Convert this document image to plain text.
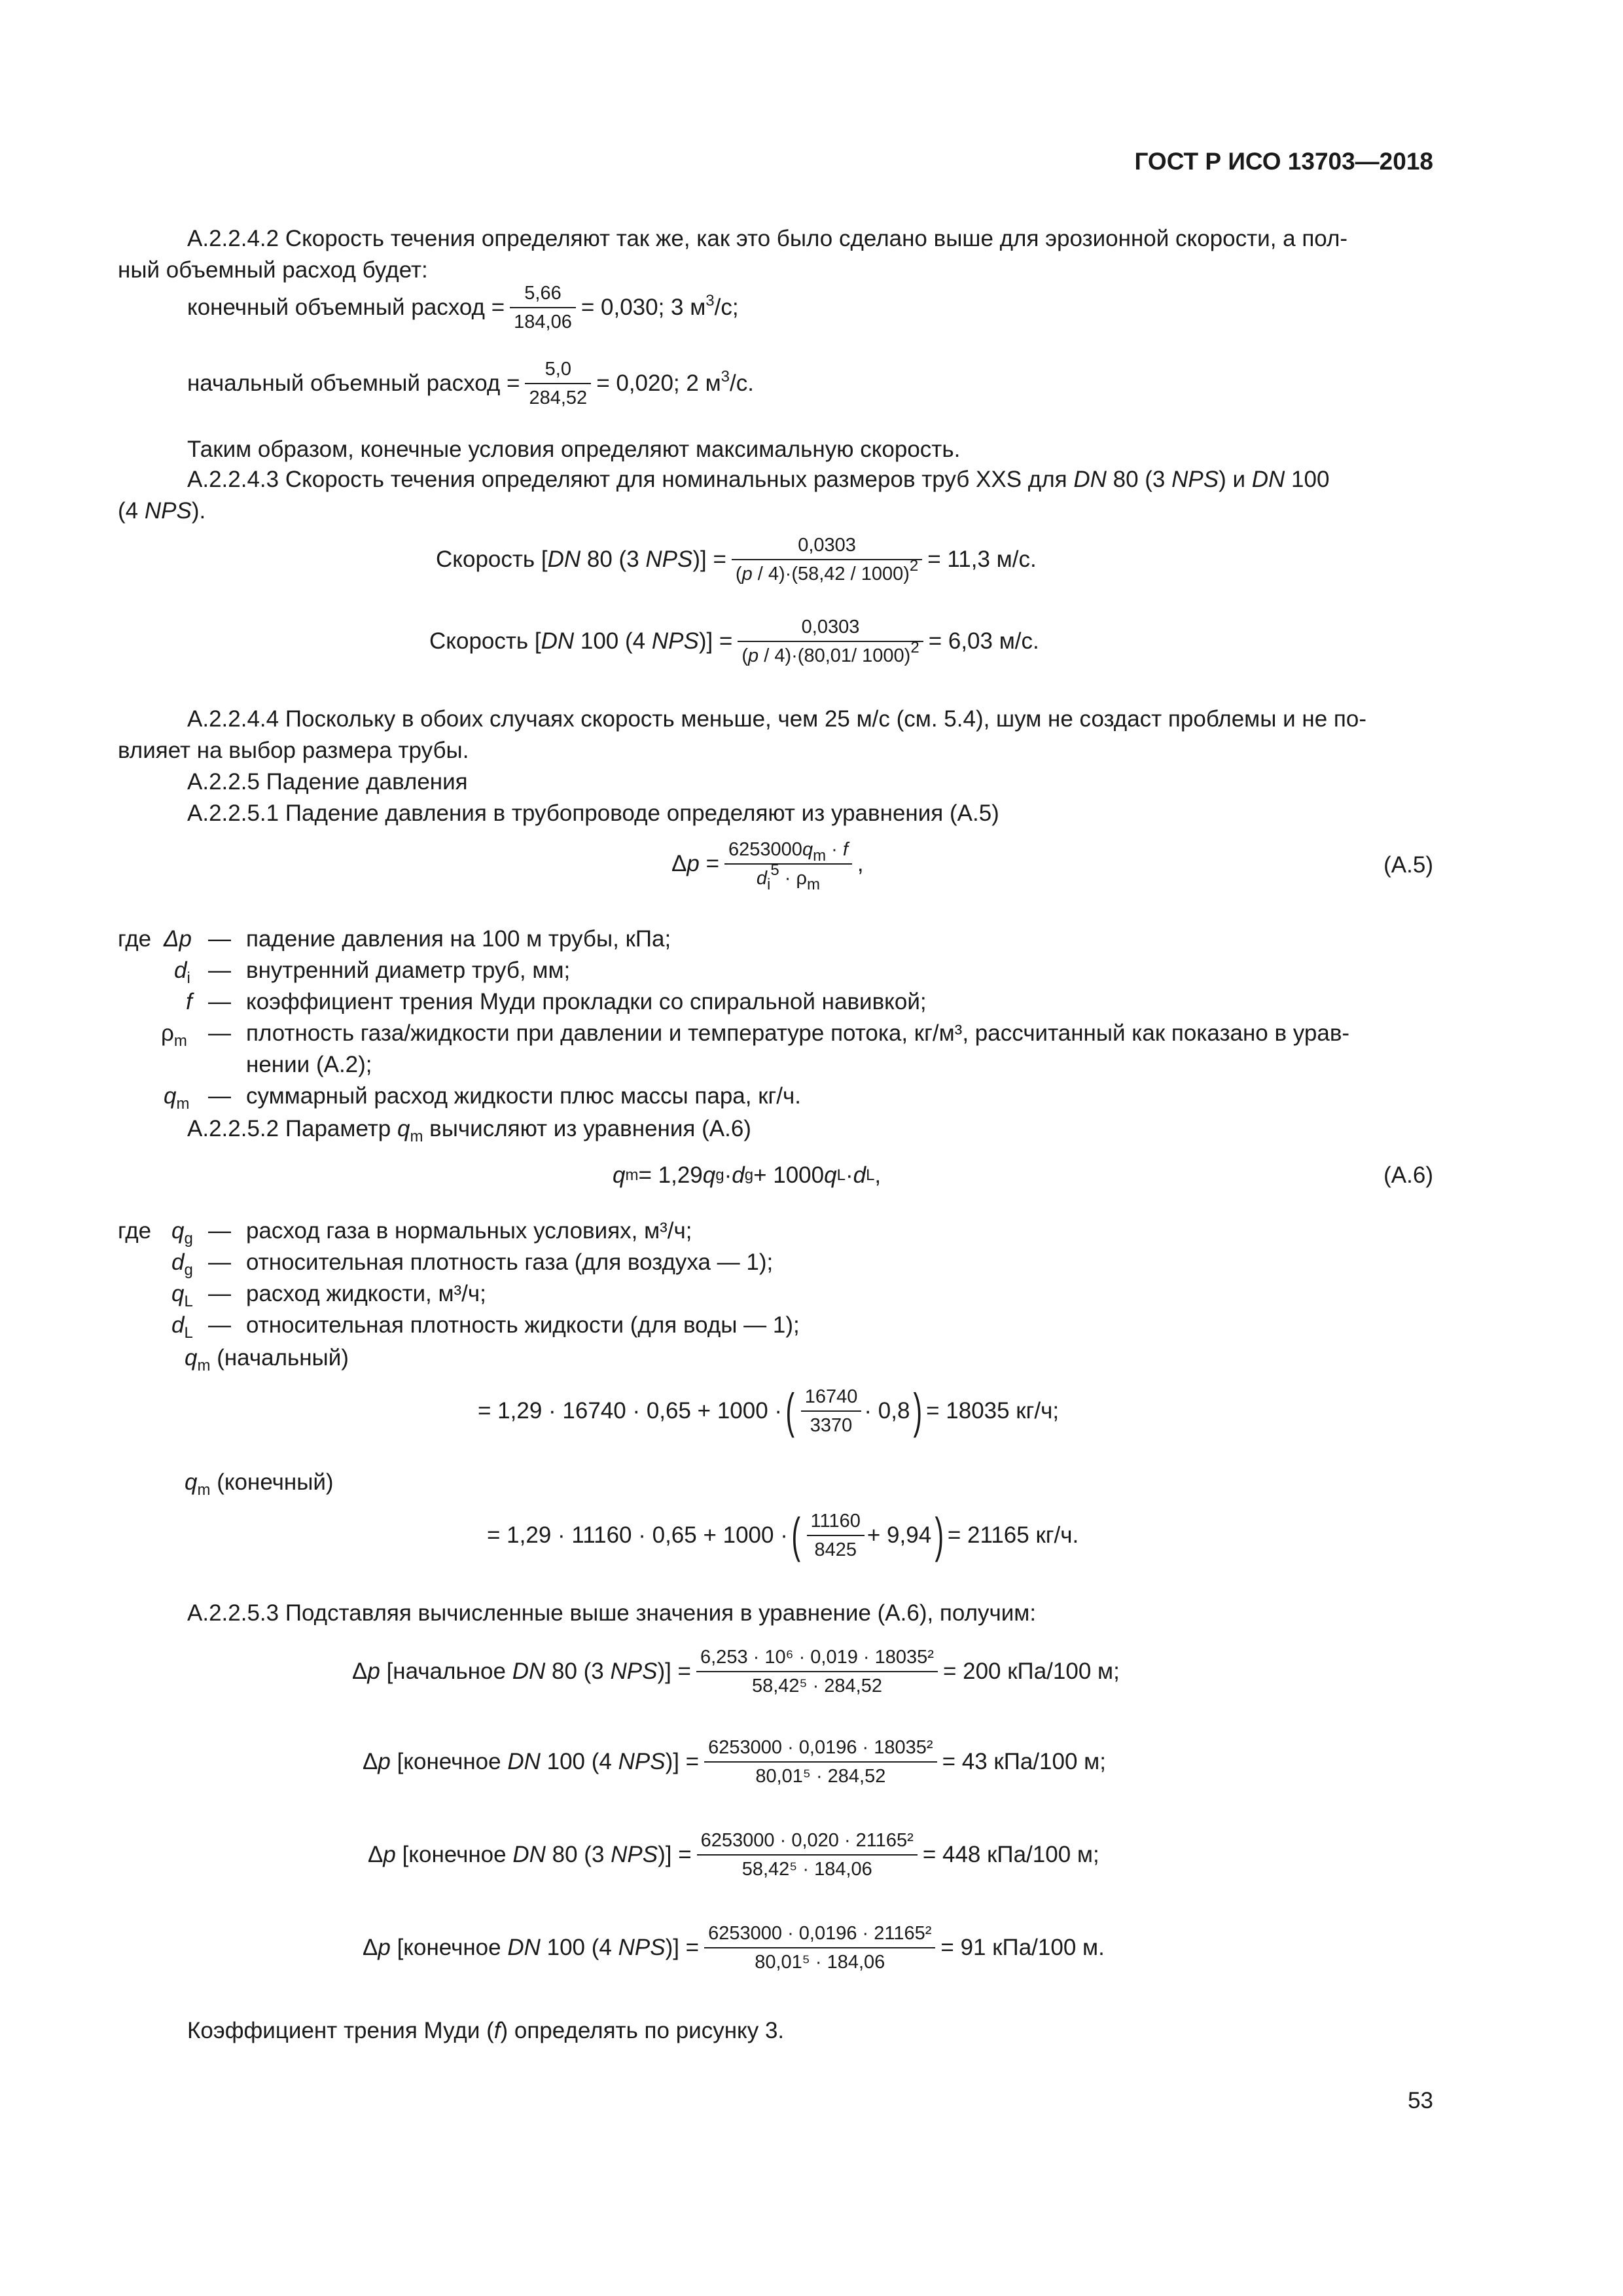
ГОСТ Р ИСО 13703—2018
А.2.2.4.2 Скорость течения определяют так же, как это было сделано выше для эрозионной скорости, а пол-
ный объемный расход будет:
конечный объемный расход = $\frac{5,66}{184,06} = 0,030$; 3 $м^3/с$;
начальный объемный расход = $\frac{5,0}{284,52} = 0,020$; 2 $м^3/с$.
Таким образом, конечные условия определяют максимальную скорость.
А.2.2.4.3 Скорость течения определяют для номинальных размеров труб XXS для DN 80 (3 NPS) и DN 100
(4 NPS).
Скорость [DN 80 (3 $NPS)] = \frac{0,0303}{(p / 4)\cdot(58,42 / 1000)^2} = 11,3$ м/с.
Скорость [DN 100 (4 $NPS)] = \frac{0,0303}{(p / 4)\cdot(80,01/ 1000)^2} = 6,03$ м/с.
А.2.2.4.4 Поскольку в обоих случаях скорость меньше, чем 25 м/с (см. 5.4), шум не создаст проблемы и не по-
влияет на выбор размера трубы.
А.2.2.5 Падение давления
А.2.2.5.1 Падение давления в трубопроводе определяют из уравнения (А.5)
$\Delta p = \frac{6253000q_m \cdot f}{d_i^5 \cdot \rho_m}$ ,	(А.5)
где Δp — падение давления на 100 м трубы, кПа;
$d_i$ — внутренний диаметр труб, мм;
f — коэффициент трения Муди прокладки со спиральной навивкой;
$\rho_m$ — плотность газа/жидкости при давлении и температуре потока, кг/м³, рассчитанный как показано в урав-
нении (А.2);
$q_m$ — суммарный расход жидкости плюс массы пара, кг/ч.
А.2.2.5.2 Параметр $q_m$ вычисляют из уравнения (А.6)
q m = 1,29 q g · d g + 1000 q L · d L ,	(А.6)
где $q_g$ — расход газа в нормальных условиях, м³/ч;
$d_g$ — относительная плотность газа (для воздуха — 1);
$q_L$ — расход жидкости, м³/ч;
$d_L$ — относительная плотность жидкости (для воды — 1);
$q_m$ (начальный)
= 1,29 · 16740 · 0,65 + 1000 · ( $\frac{16740}{3370} \cdot 0,8$ ) = 18035 кг/ч;
$q_m$ (конечный)
= 1,29 · 11160 · 0,65 + 1000 · ( $\frac{11160}{8425} + 9,94$ ) = 21165 кг/ч.
А.2.2.5.3 Подставляя вычисленные выше значения в уравнение (А.6), получим:
Δp [начальное DN 80 (3 $NPS)] = \frac{\text{6,253 · 10⁶ · 0,019 · 18035²}}{\text{58,42⁵ · 284,52}} = 200$ кПа/100 м;
Δp [конечное DN 100 (4 $NPS)] = \frac{\text{6253000 · 0,0196 · 18035²}}{\text{80,01⁵ · 284,52}} = 43$ кПа/100 м;
Δp [конечное DN 80 (3 $NPS)] = \frac{\text{6253000 · 0,020 · 21165²}}{\text{58,42⁵ · 184,06}} = 448$ кПа/100 м;
Δp [конечное DN 100 (4 $NPS)] = \frac{\text{6253000 · 0,0196 · 21165²}}{\text{80,01⁵ · 184,06}} = 91$ кПа/100 м.
Коэффициент трения Муди (f) определять по рисунку 3.
53
